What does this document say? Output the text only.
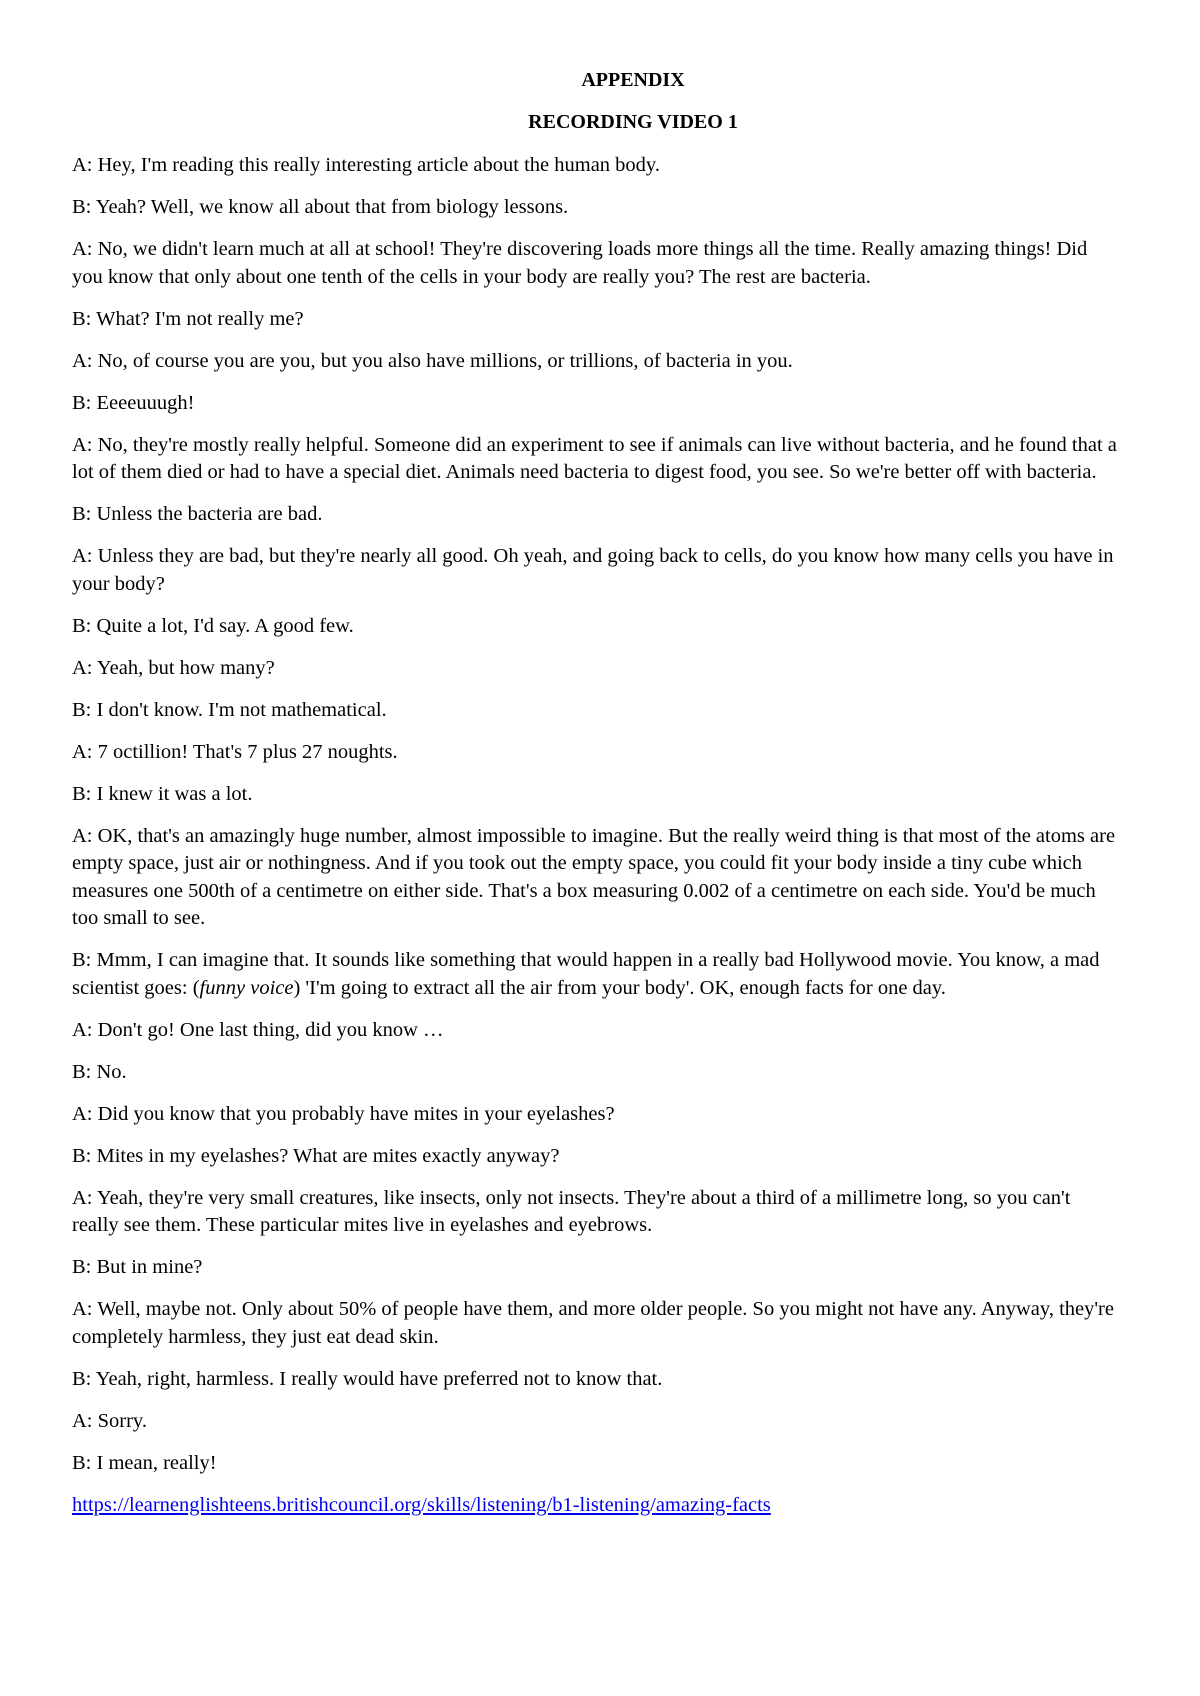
APPENDIX

RECORDING VIDEO 1

A: Hey, I'm reading this really interesting article about the human body.

B: Yeah? Well, we know all about that from biology lessons.

A: No, we didn't learn much at all at school! They're discovering loads more things all the time. Really amazing things! Did you know that only about one tenth of the cells in your body are really you? The rest are bacteria.

B: What? I'm not really me?

A: No, of course you are you, but you also have millions, or trillions, of bacteria in you.

B: Eeeeuuugh!

A: No, they're mostly really helpful. Someone did an experiment to see if animals can live without bacteria, and he found that a lot of them died or had to have a special diet. Animals need bacteria to digest food, you see. So we're better off with bacteria.

B: Unless the bacteria are bad.

A: Unless they are bad, but they're nearly all good. Oh yeah, and going back to cells, do you know how many cells you have in your body?

B: Quite a lot, I'd say. A good few.

A: Yeah, but how many?

B: I don't know. I'm not mathematical.

A: 7 octillion! That's 7 plus 27 noughts.

B: I knew it was a lot.

A: OK, that's an amazingly huge number, almost impossible to imagine. But the really weird thing is that most of the atoms are empty space, just air or nothingness. And if you took out the empty space, you could fit your body inside a tiny cube which measures one 500th of a centimetre on either side. That's a box measuring 0.002 of a centimetre on each side. You'd be much too small to see.

B: Mmm, I can imagine that. It sounds like something that would happen in a really bad Hollywood movie. You know, a mad scientist goes: (funny voice) 'I'm going to extract all the air from your body'. OK, enough facts for one day.

A: Don't go! One last thing, did you know …

B: No.

A: Did you know that you probably have mites in your eyelashes?

B: Mites in my eyelashes? What are mites exactly anyway?

A: Yeah, they're very small creatures, like insects, only not insects. They're about a third of a millimetre long, so you can't really see them. These particular mites live in eyelashes and eyebrows.

B: But in mine?

A: Well, maybe not. Only about 50% of people have them, and more older people. So you might not have any. Anyway, they're completely harmless, they just eat dead skin.

B: Yeah, right, harmless. I really would have preferred not to know that.

A: Sorry.

B: I mean, really!

https://learnenglishteens.britishcouncil.org/skills/listening/b1-listening/amazing-facts
